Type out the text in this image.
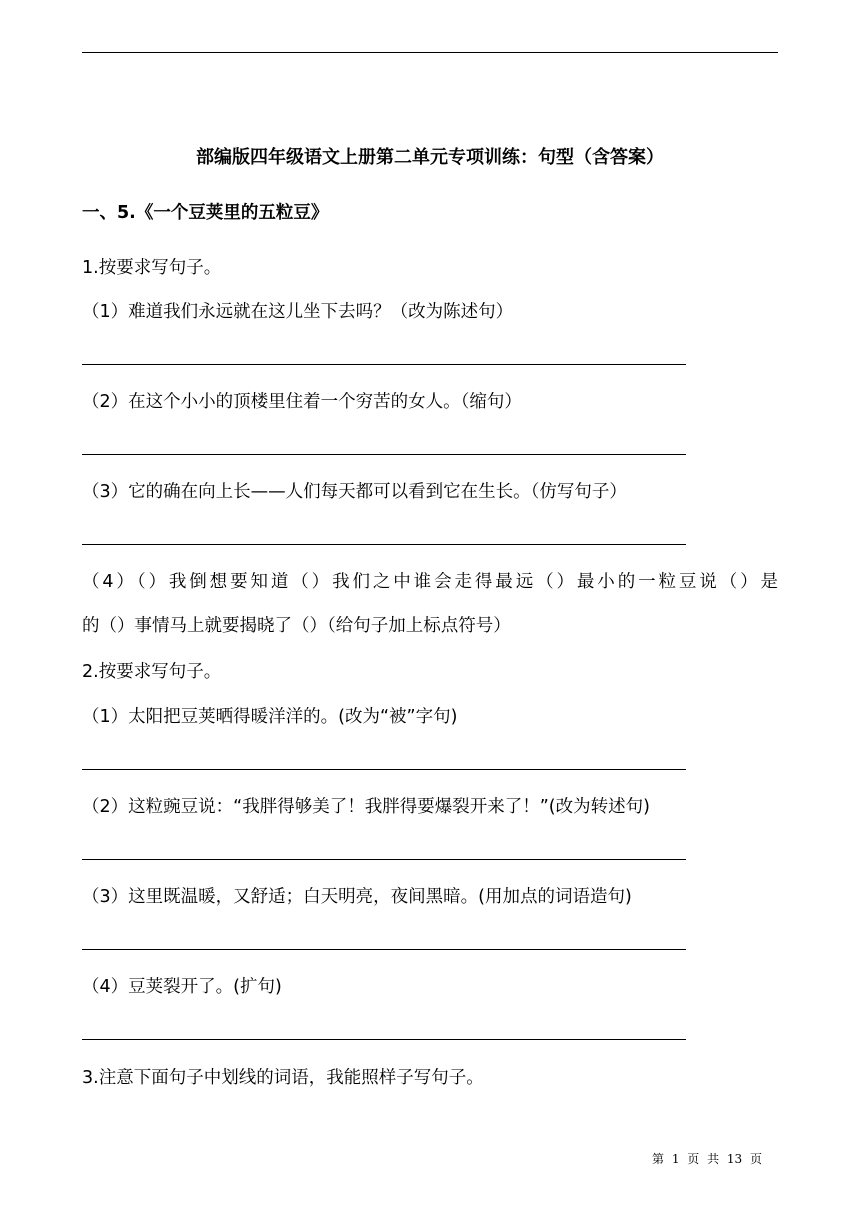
部编版四年级语文上册第二单元专项训练：句型（含答案）
一、5.《一个豆荚里的五粒豆》
1.按要求写句子。
（1）难道我们永远就在这儿坐下去吗？（改为陈述句）
（2）在这个小小的顶楼里住着一个穷苦的女人。（缩句）
（3）它的确在向上长——人们每天都可以看到它在生长。（仿写句子）
（4）（）我倒想要知道（）我们之中谁会走得最远（）最小的一粒豆说（）是
的（）事情马上就要揭晓了（）（给句子加上标点符号）
2.按要求写句子。
（1）太阳把豆荚晒得暖洋洋的。(改为“被”字句)
（2）这粒豌豆说：“我胖得够美了！我胖得要爆裂开来了！”(改为转述句)
（3）这里既温暖，又舒适；白天明亮，夜间黑暗。(用加点的词语造句)
（4）豆荚裂开了。(扩句)
3.注意下面句子中划线的词语，我能照样子写句子。
第 1 页 共 13 页
